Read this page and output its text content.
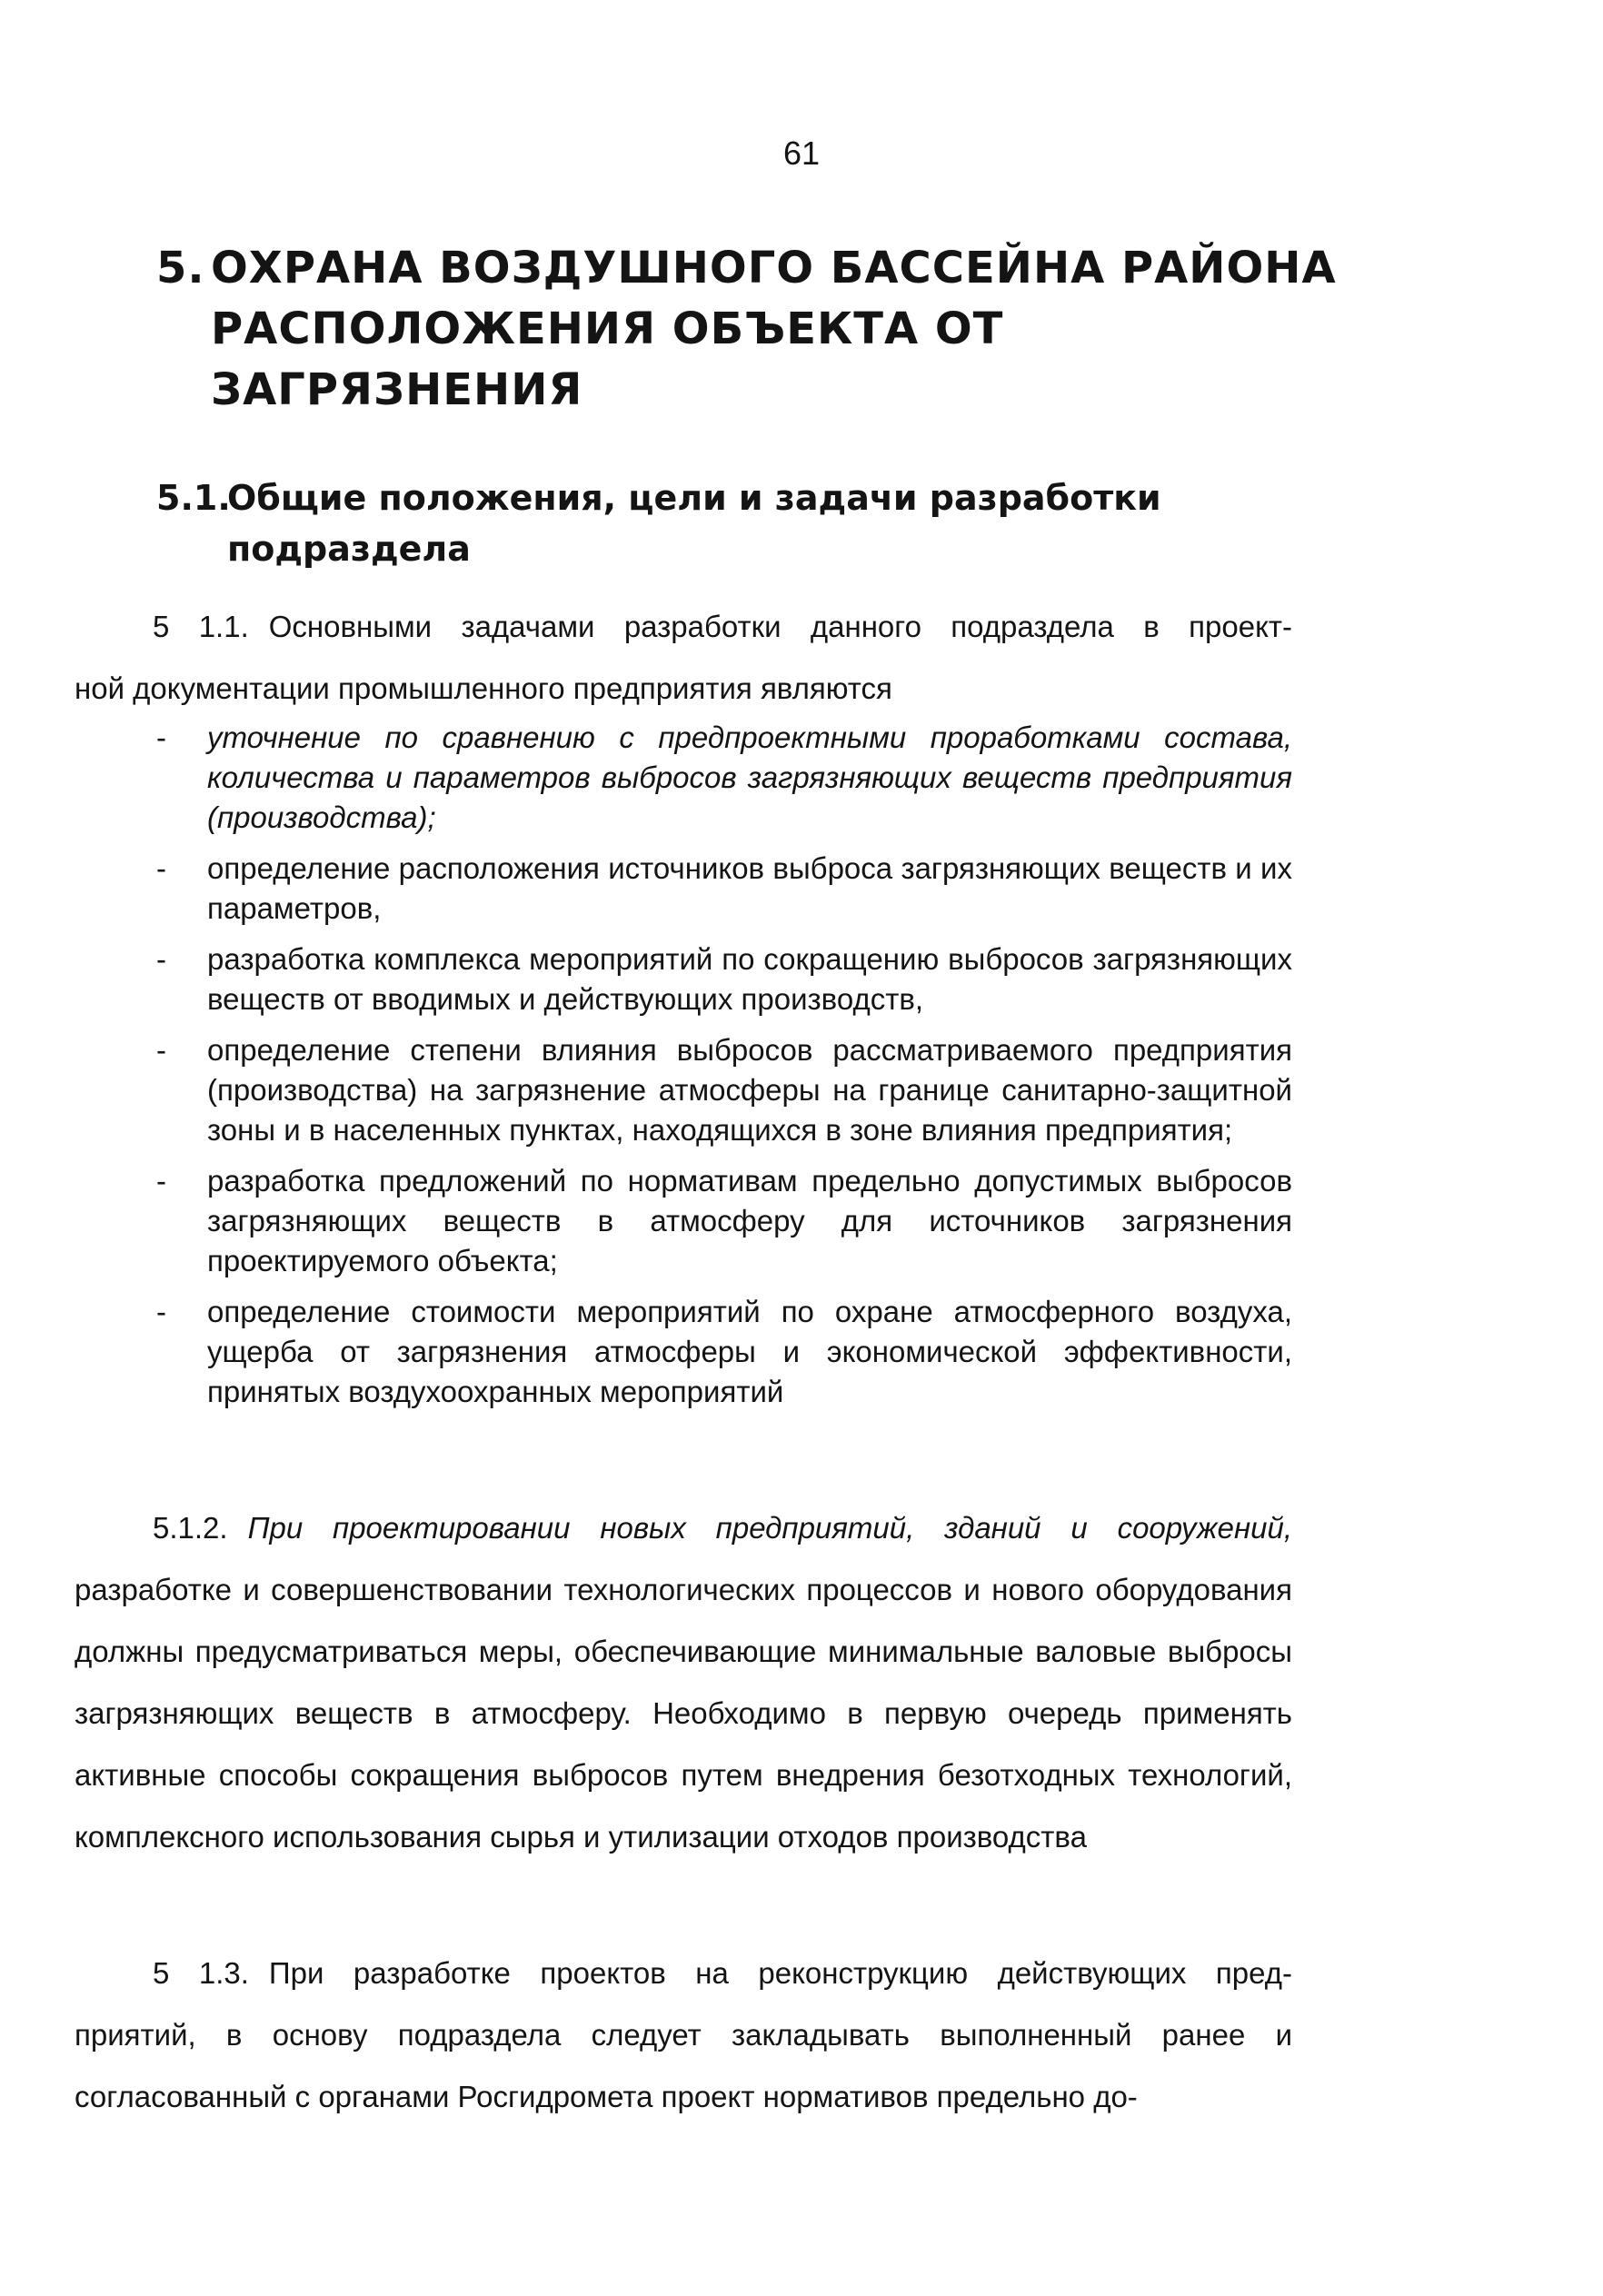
61
5. ОХРАНА ВОЗДУШНОГО БАССЕЙНА РАЙОНА РАСПОЛОЖЕНИЯ ОБЪЕКТА ОТ ЗАГРЯЗНЕНИЯ
5.1.
Общие положения, цели и задачи разработки подраздела
5 1.1. Основными задачами разработки данного подраздела в проект-
ной документации промышленного предприятия являются
- уточнение по сравнению с предпроектными проработками состава, количества и параметров выбросов загрязняющих веществ предприятия (производства);
- определение расположения источников выброса загрязняющих веществ и их параметров,
- разработка комплекса мероприятий по сокращению выбросов загрязняющих веществ от вводимых и действующих производств,
- определение степени влияния выбросов рассматриваемого предприятия (производства) на загрязнение атмосферы на границе санитарно-защитной зоны и в населенных пунктах, находящихся в зоне влияния предприятия;
- разработка предложений по нормативам предельно допустимых выбросов загрязняющих веществ в атмосферу для источников загрязнения проектируемого объекта;
- определение стоимости мероприятий по охране атмосферного воздуха, ущерба от загрязнения атмосферы и экономической эффективности, принятых воздухоохранных мероприятий
5.1.2. При проектировании новых предприятий, зданий и сооружений,
разработке и совершенствовании технологических процессов и нового оборудования должны предусматриваться меры, обеспечивающие минимальные валовые выбросы загрязняющих веществ в атмосферу. Необходимо в первую очередь применять активные способы сокращения выбросов путем внедрения безотходных технологий, комплексного использования сырья и утилизации отходов производства
5 1.3. При разработке проектов на реконструкцию действующих пред-
приятий, в основу подраздела следует закладывать выполненный ранее и согласованный с органами Росгидромета проект нормативов предельно до-
